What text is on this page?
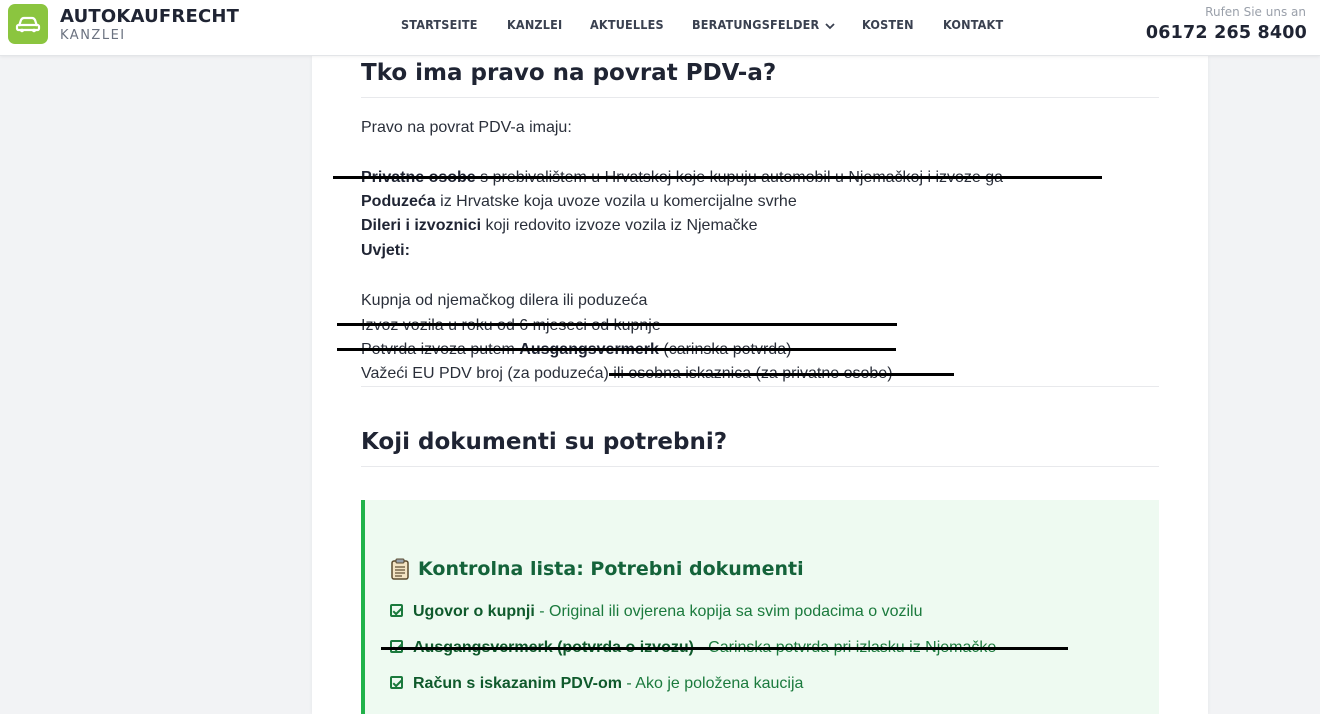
AUTOKAUFRECHT
KANZLEI
STARTSEITE KANZLEI AKTUELLES BERATUNGSFELDER	KOSTEN KONTAKT
Rufen Sie uns an
06172 265 8400
Tko ima pravo na povrat PDV-a?
Pravo na povrat PDV-a imaju:
Poduzeća iz Hrvatske koja uvoze vozila u komercijalne svrhe
Dileri i izvoznici koji redovito izvoze vozila iz Njemačke
Uvjeti:
Kupnja od njemačkog dilera ili poduzeća
Važeći EU PDV broj (za poduzeća)
Koji dokumenti su potrebni?
Kontrolna lista: Potrebni dokumenti
Ugovor o kupnji - Original ili ovjerena kopija sa svim podacima o vozilu
Račun s iskazanim PDV-om - Ako je položena kaucija
